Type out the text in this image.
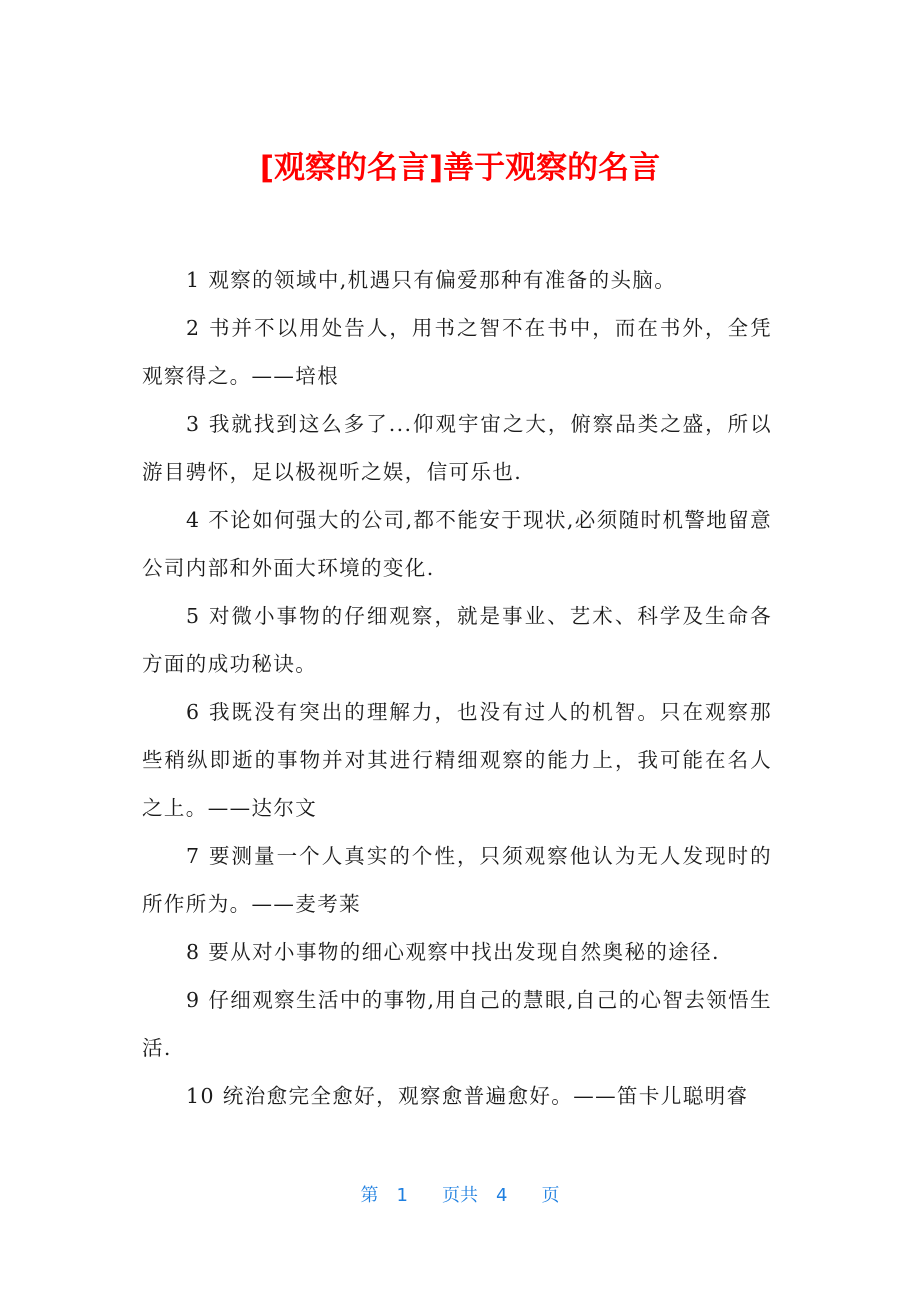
[观察的名言]善于观察的名言

1 观察的领域中,机遇只有偏爱那种有准备的头脑。

2 书并不以用处告人，用书之智不在书中，而在书外，全凭观察得之。——培根

3 我就找到这么多了...仰观宇宙之大，俯察品类之盛，所以游目骋怀，足以极视听之娱，信可乐也.

4 不论如何强大的公司,都不能安于现状,必须随时机警地留意公司内部和外面大环境的变化.

5 对微小事物的仔细观察，就是事业、艺术、科学及生命各方面的成功秘诀。

6 我既没有突出的理解力，也没有过人的机智。只在观察那些稍纵即逝的事物并对其进行精细观察的能力上，我可能在名人之上。——达尔文

7 要测量一个人真实的个性，只须观察他认为无人发现时的所作所为。——麦考莱

8 要从对小事物的细心观察中找出发现自然奥秘的途径.

9 仔细观察生活中的事物,用自己的慧眼,自己的心智去领悟生活.

10 统治愈完全愈好，观察愈普遍愈好。——笛卡儿聪明睿

第 1 页共 4 页
